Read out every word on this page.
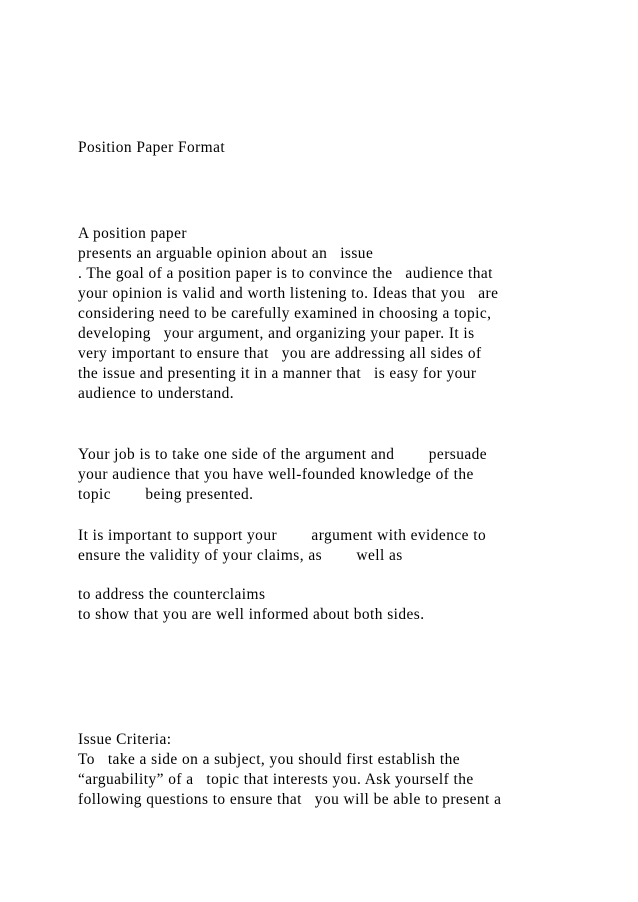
Position Paper Format
A position paper
presents an arguable opinion about an   issue
. The goal of a position paper is to convince the   audience that
your opinion is valid and worth listening to. Ideas that you   are
considering need to be carefully examined in choosing a topic,
developing   your argument, and organizing your paper. It is
very important to ensure that   you are addressing all sides of
the issue and presenting it in a manner that   is easy for your
audience to understand.
Your job is to take one side of the argument and        persuade
your audience that you have well-founded knowledge of the
topic        being presented.
It is important to support your        argument with evidence to
ensure the validity of your claims, as        well as
to address the counterclaims
to show that you are well informed about both sides.
Issue Criteria:
To   take a side on a subject, you should first establish the
“arguability” of a   topic that interests you. Ask yourself the
following questions to ensure that   you will be able to present a
